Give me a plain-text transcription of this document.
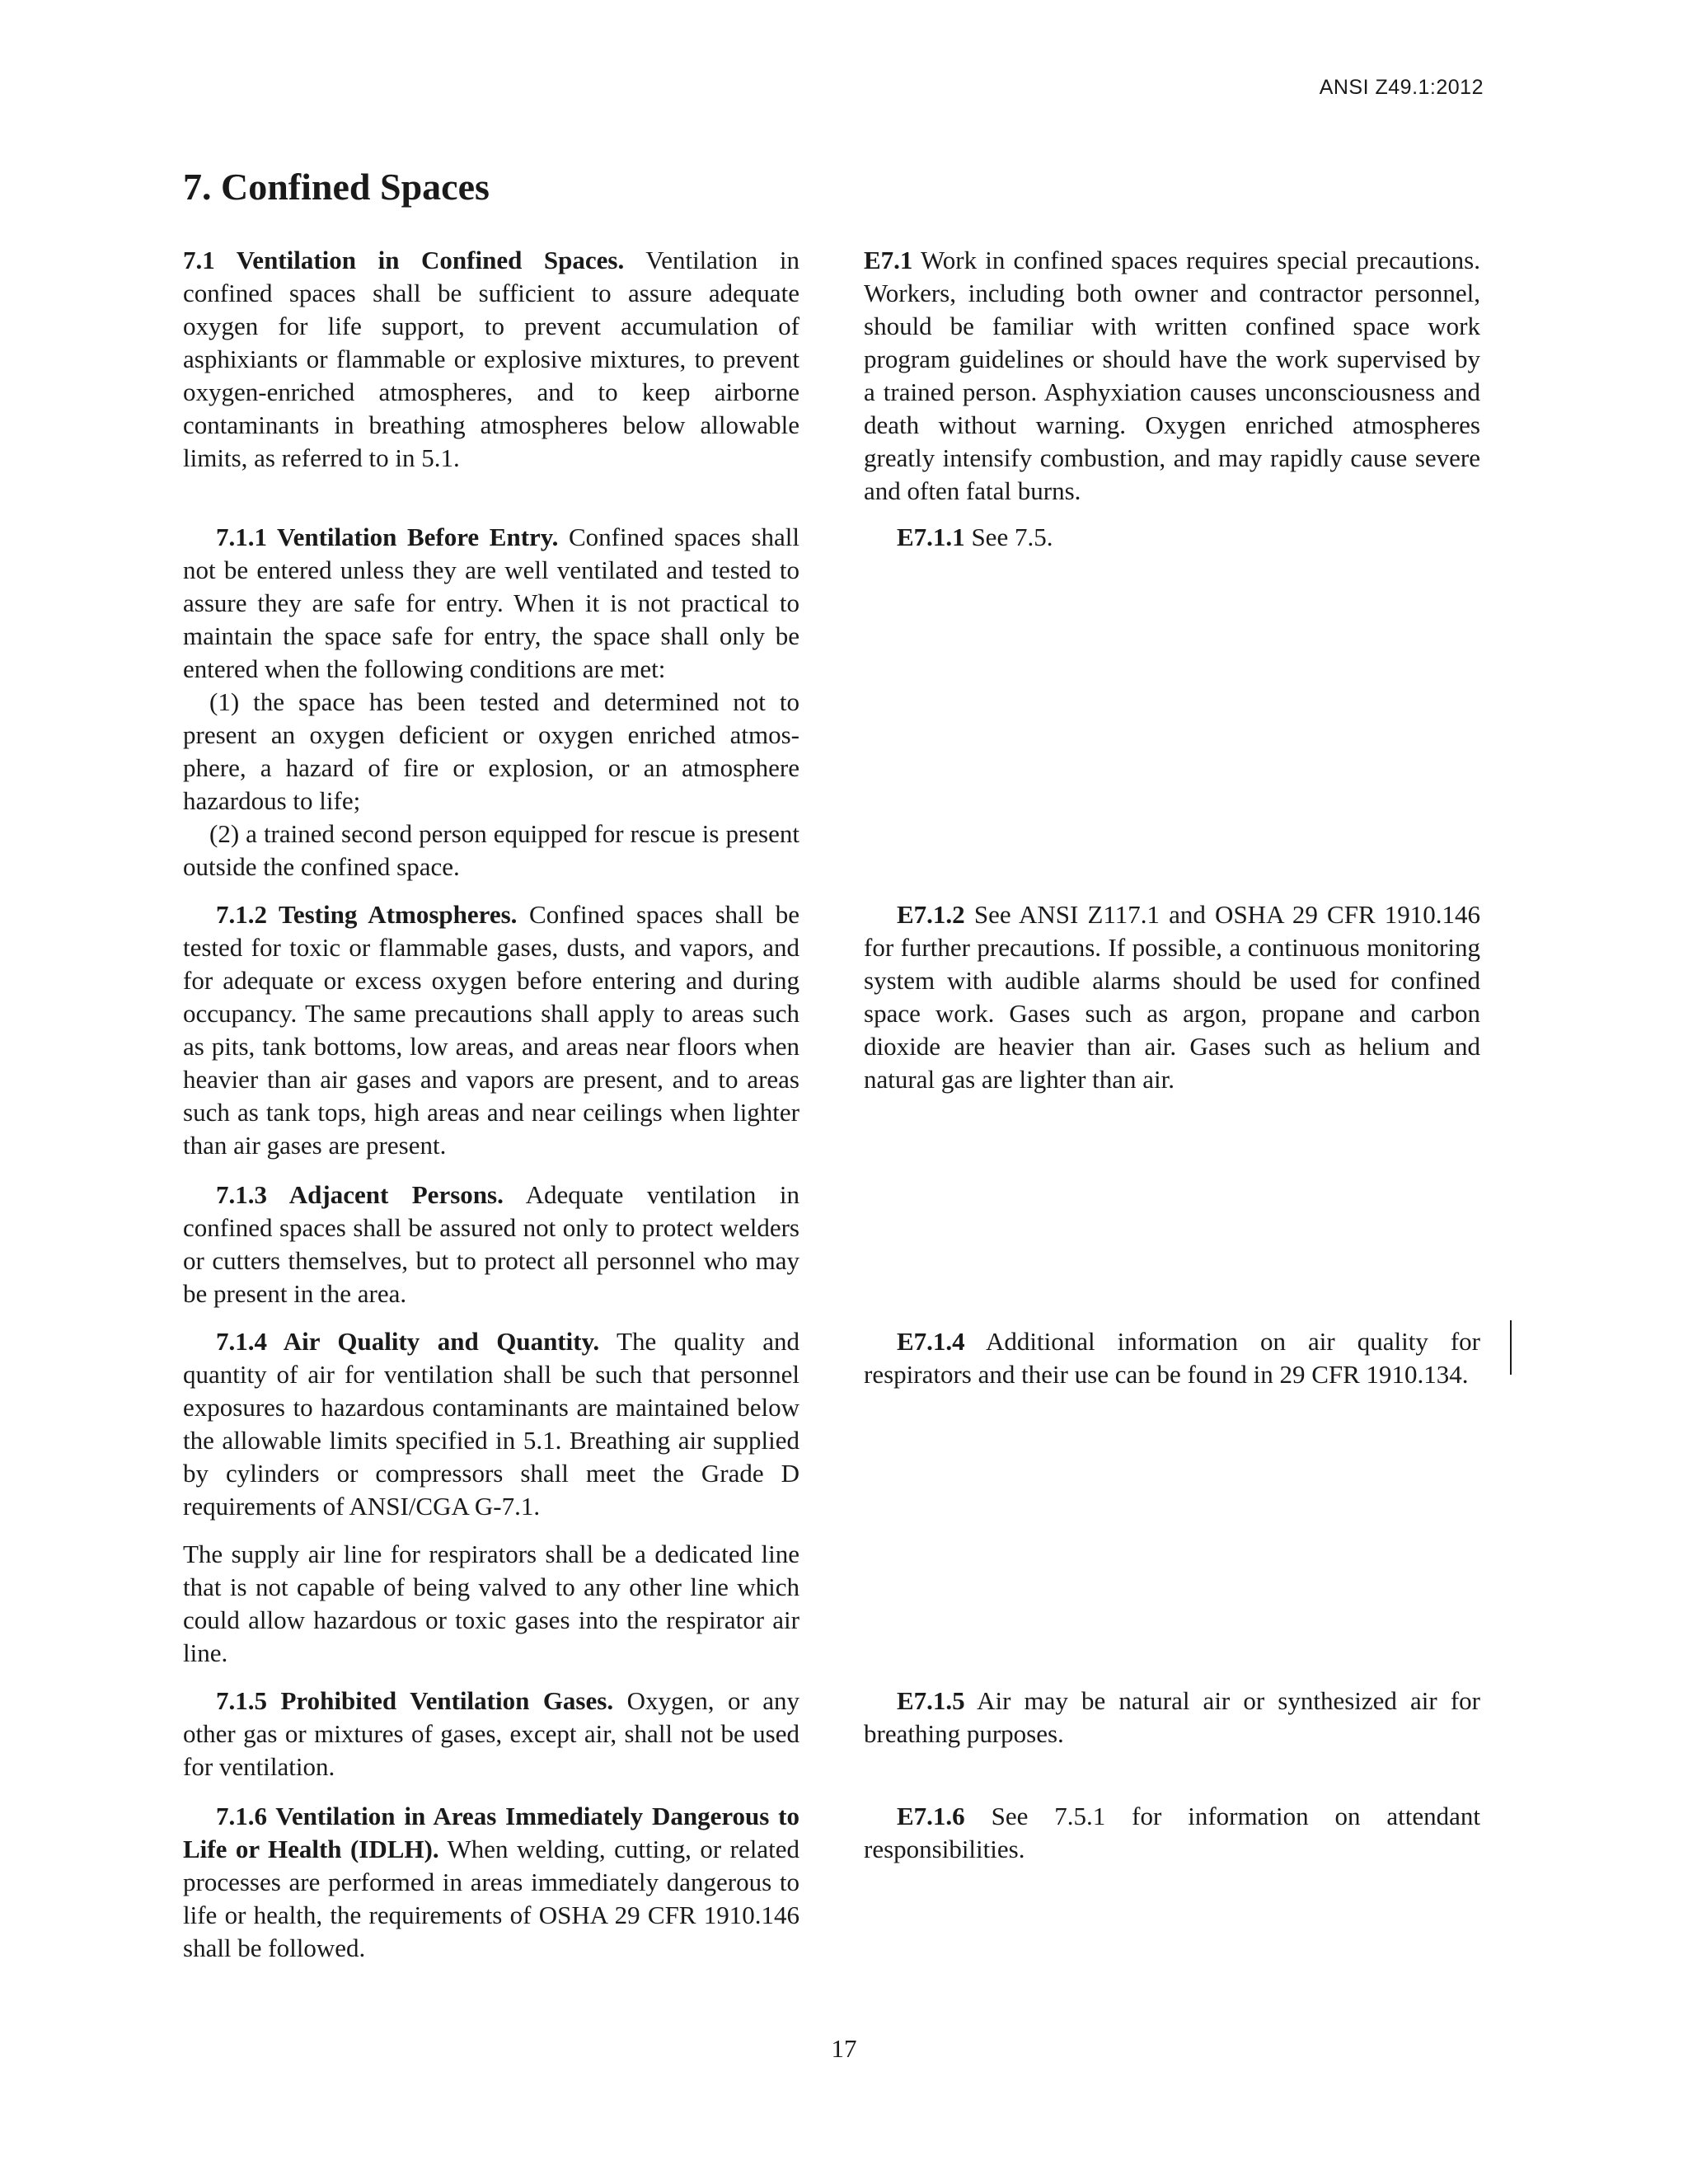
ANSI Z49.1:2012
7. Confined Spaces

7.1 Ventilation in Confined Spaces. Ventilation in confined spaces shall be sufficient to assure adequate oxygen for life support, to prevent accumulation of asphixiants or flammable or explosive mixtures, to prevent oxygen-enriched atmospheres, and to keep airborne contaminants in breathing atmospheres below allowable limits, as referred to in 5.1.

7.1.1 Ventilation Before Entry. Confined spaces shall not be entered unless they are well ventilated and tested to assure they are safe for entry. When it is not practical to maintain the space safe for entry, the space shall only be entered when the following conditions are met:

(1) the space has been tested and determined not to present an oxygen deficient or oxygen enriched atmos-phere, a hazard of fire or explosion, or an atmosphere hazardous to life;

(2) a trained second person equipped for rescue is present outside the confined space.

7.1.2 Testing Atmospheres. Confined spaces shall be tested for toxic or flammable gases, dusts, and vapors, and for adequate or excess oxygen before entering and during occupancy. The same precautions shall apply to areas such as pits, tank bottoms, low areas, and areas near floors when heavier than air gases and vapors are present, and to areas such as tank tops, high areas and near ceilings when lighter than air gases are present.

7.1.3 Adjacent Persons. Adequate ventilation in confined spaces shall be assured not only to protect welders or cutters themselves, but to protect all personnel who may be present in the area.

7.1.4 Air Quality and Quantity. The quality and quantity of air for ventilation shall be such that personnel exposures to hazardous contaminants are maintained below the allowable limits specified in 5.1. Breathing air supplied by cylinders or compressors shall meet the Grade D requirements of ANSI/CGA G-7.1.

The supply air line for respirators shall be a dedicated line that is not capable of being valved to any other line which could allow hazardous or toxic gases into the respirator air line.

7.1.5 Prohibited Ventilation Gases. Oxygen, or any other gas or mixtures of gases, except air, shall not be used for ventilation.

7.1.6 Ventilation in Areas Immediately Dangerous to Life or Health (IDLH). When welding, cutting, or related processes are performed in areas immediately dangerous to life or health, the requirements of OSHA 29 CFR 1910.146 shall be followed.

E7.1 Work in confined spaces requires special precautions. Workers, including both owner and contractor personnel, should be familiar with written confined space work program guidelines or should have the work supervised by a trained person. Asphyxiation causes unconsciousness and death without warning. Oxygen enriched atmospheres greatly intensify combustion, and may rapidly cause severe and often fatal burns.

E7.1.1 See 7.5.

E7.1.2 See ANSI Z117.1 and OSHA 29 CFR 1910.146 for further precautions. If possible, a continuous monitoring system with audible alarms should be used for confined space work. Gases such as argon, propane and carbon dioxide are heavier than air. Gases such as helium and natural gas are lighter than air.

E7.1.4 Additional information on air quality for respirators and their use can be found in 29 CFR 1910.134.

E7.1.5 Air may be natural air or synthesized air for breathing purposes.

E7.1.6 See 7.5.1 for information on attendant responsibilities.

17
